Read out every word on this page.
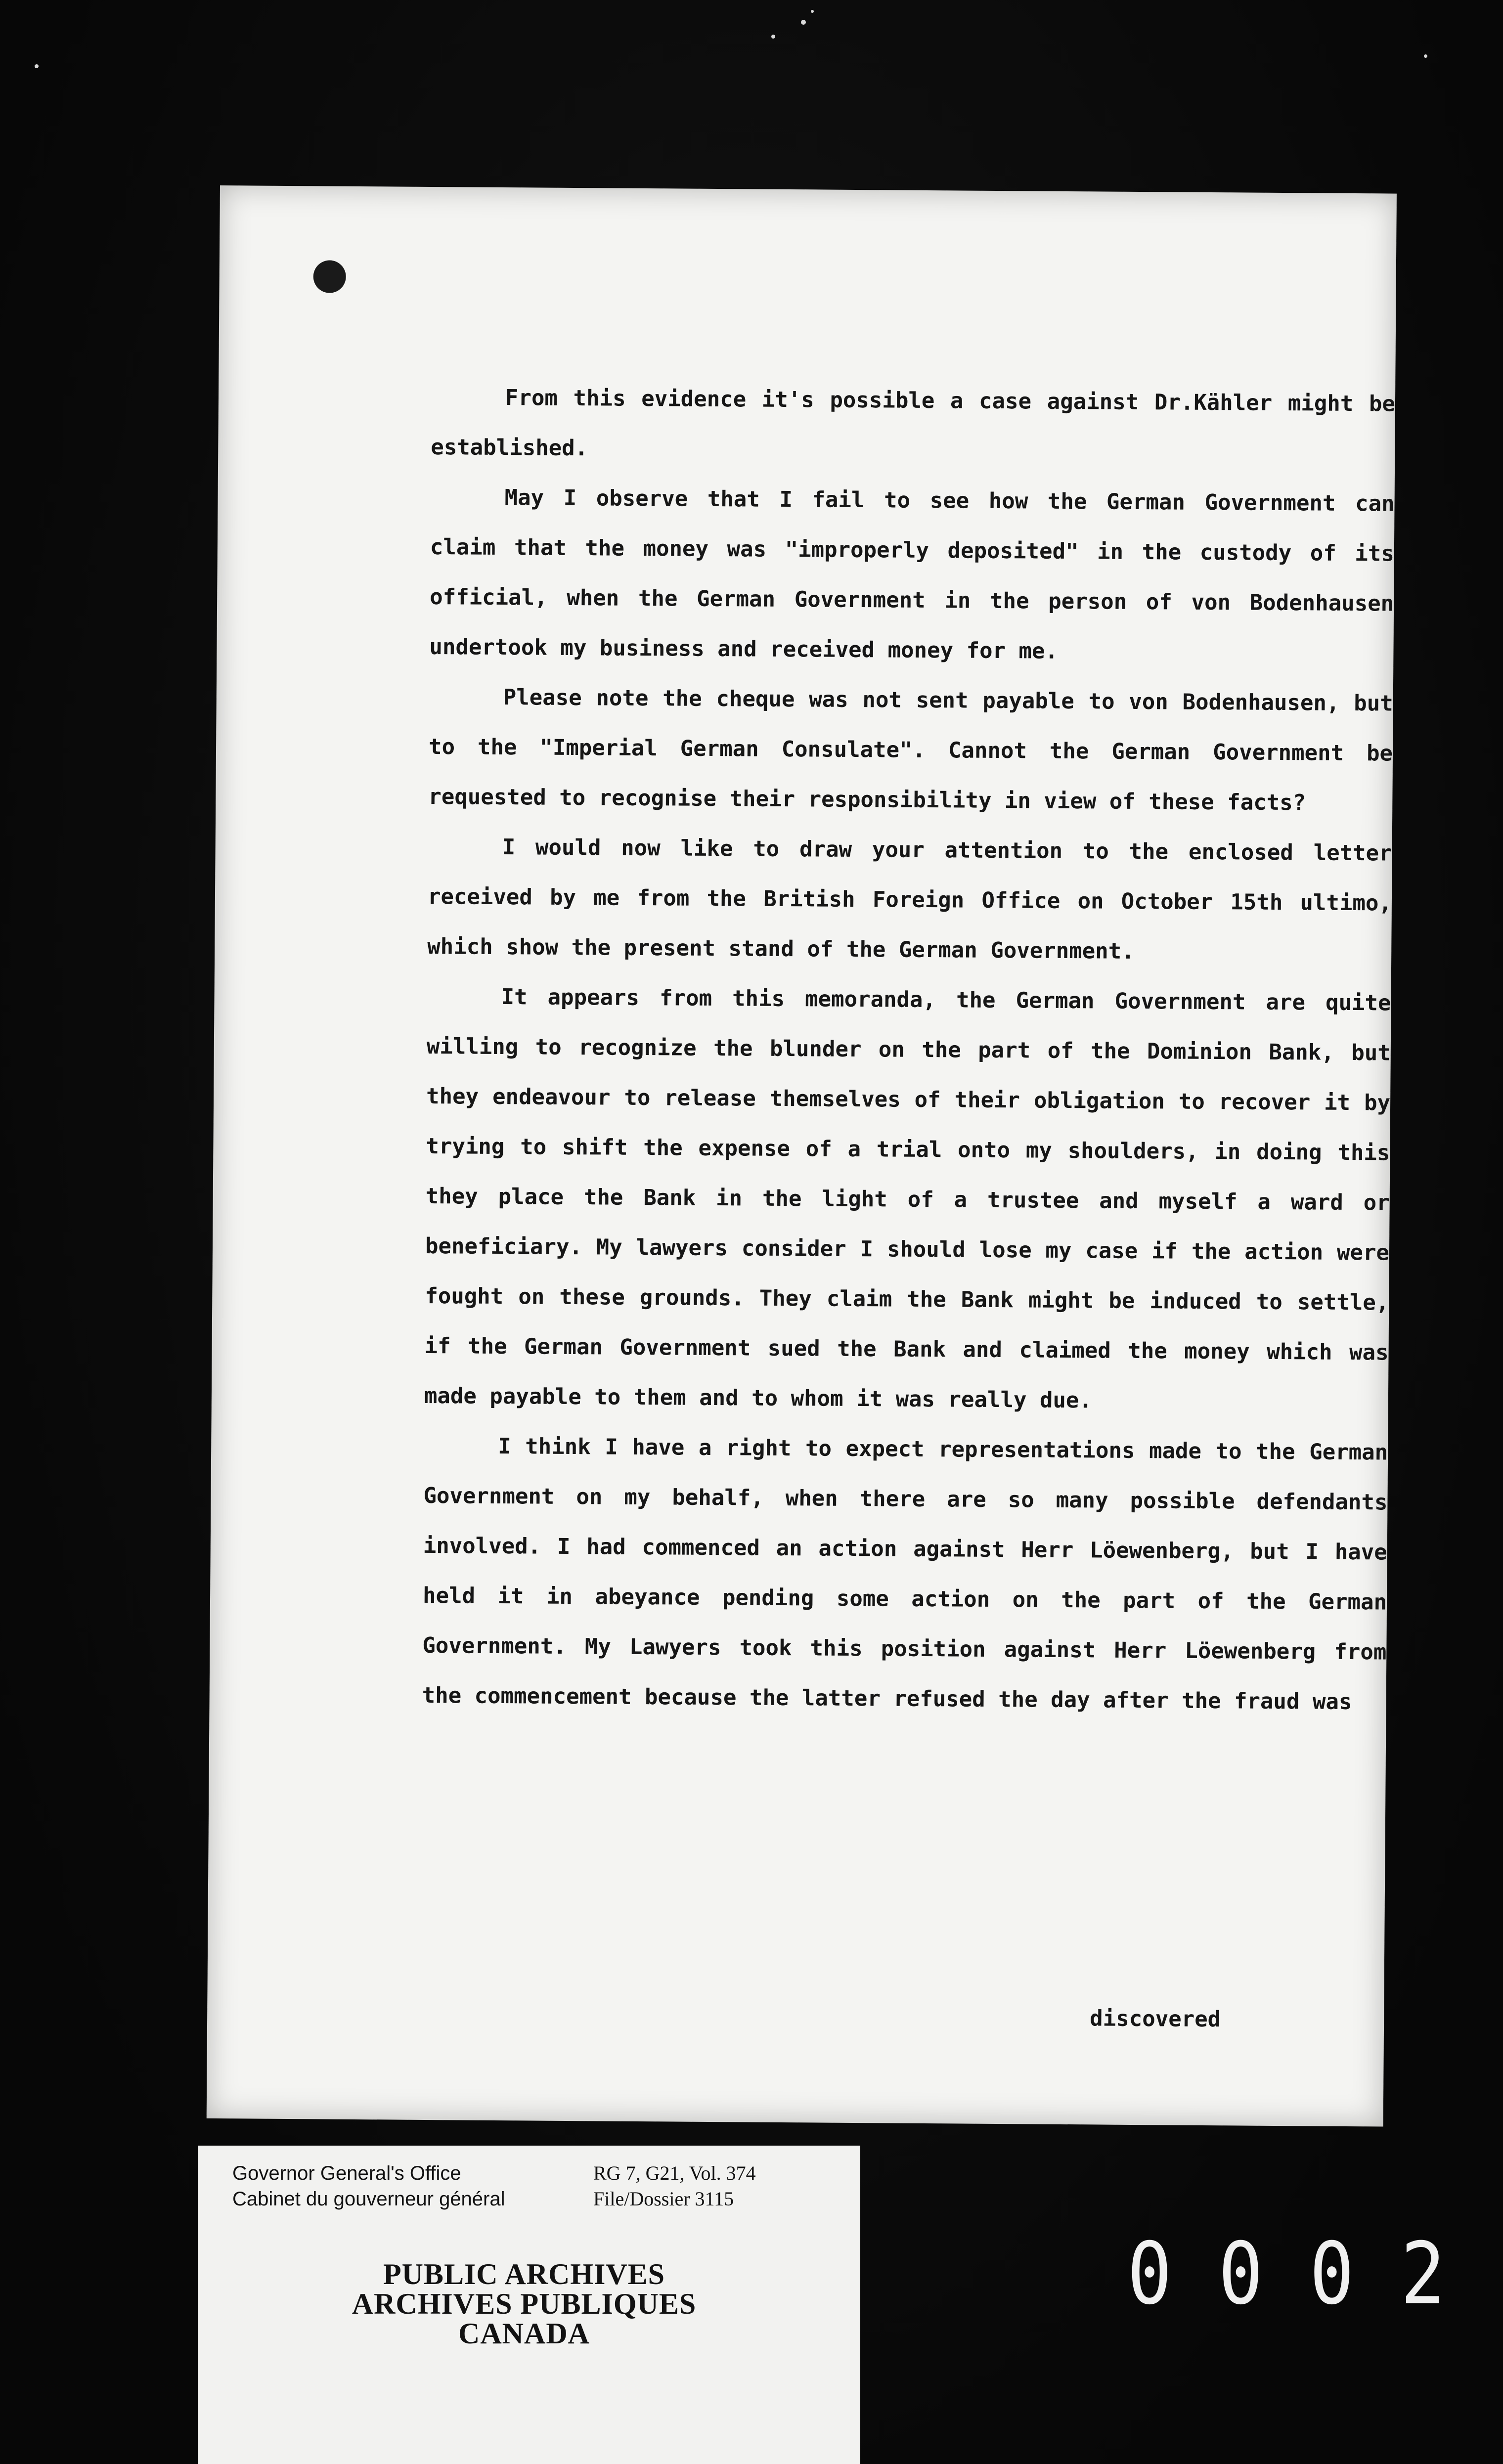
From this evidence it's possible a case against Dr.Kähler might be established.

May I observe that I fail to see how the German Government can claim that the money was "improperly deposited" in the custody of its official, when the German Government in the person of von Bodenhausen undertook my business and received money for me.

Please note the cheque was not sent payable to von Bodenhausen, but to the "Imperial German Consulate". Cannot the German Government be requested to recognise their responsibility in view of these facts?

I would now like to draw your attention to the enclosed letter received by me from the British Foreign Office on October 15th ultimo, which show the present stand of the German Government.

It appears from this memoranda, the German Government are quite willing to recognize the blunder on the part of the Dominion Bank, but they endeavour to release themselves of their obligation to recover it by trying to shift the expense of a trial onto my shoulders, in doing this they place the Bank in the light of a trustee and myself a ward or beneficiary. My lawyers consider I should lose my case if the action were fought on these grounds. They claim the Bank might be induced to settle, if the German Government sued the Bank and claimed the money which was made payable to them and to whom it was really due.

I think I have a right to expect representations made to the German Government on my behalf, when there are so many possible defendants involved. I had commenced an action against Herr Löewenberg, but I have held it in abeyance pending some action on the part of the German Government. My Lawyers took this position against Herr Löewenberg from the commencement because the latter refused the day after the fraud was

discovered
Governor General's Office
Cabinet du gouverneur général
RG 7, G21, Vol. 374
File/Dossier 3115
PUBLIC ARCHIVES
ARCHIVES PUBLIQUES
CANADA
0002
